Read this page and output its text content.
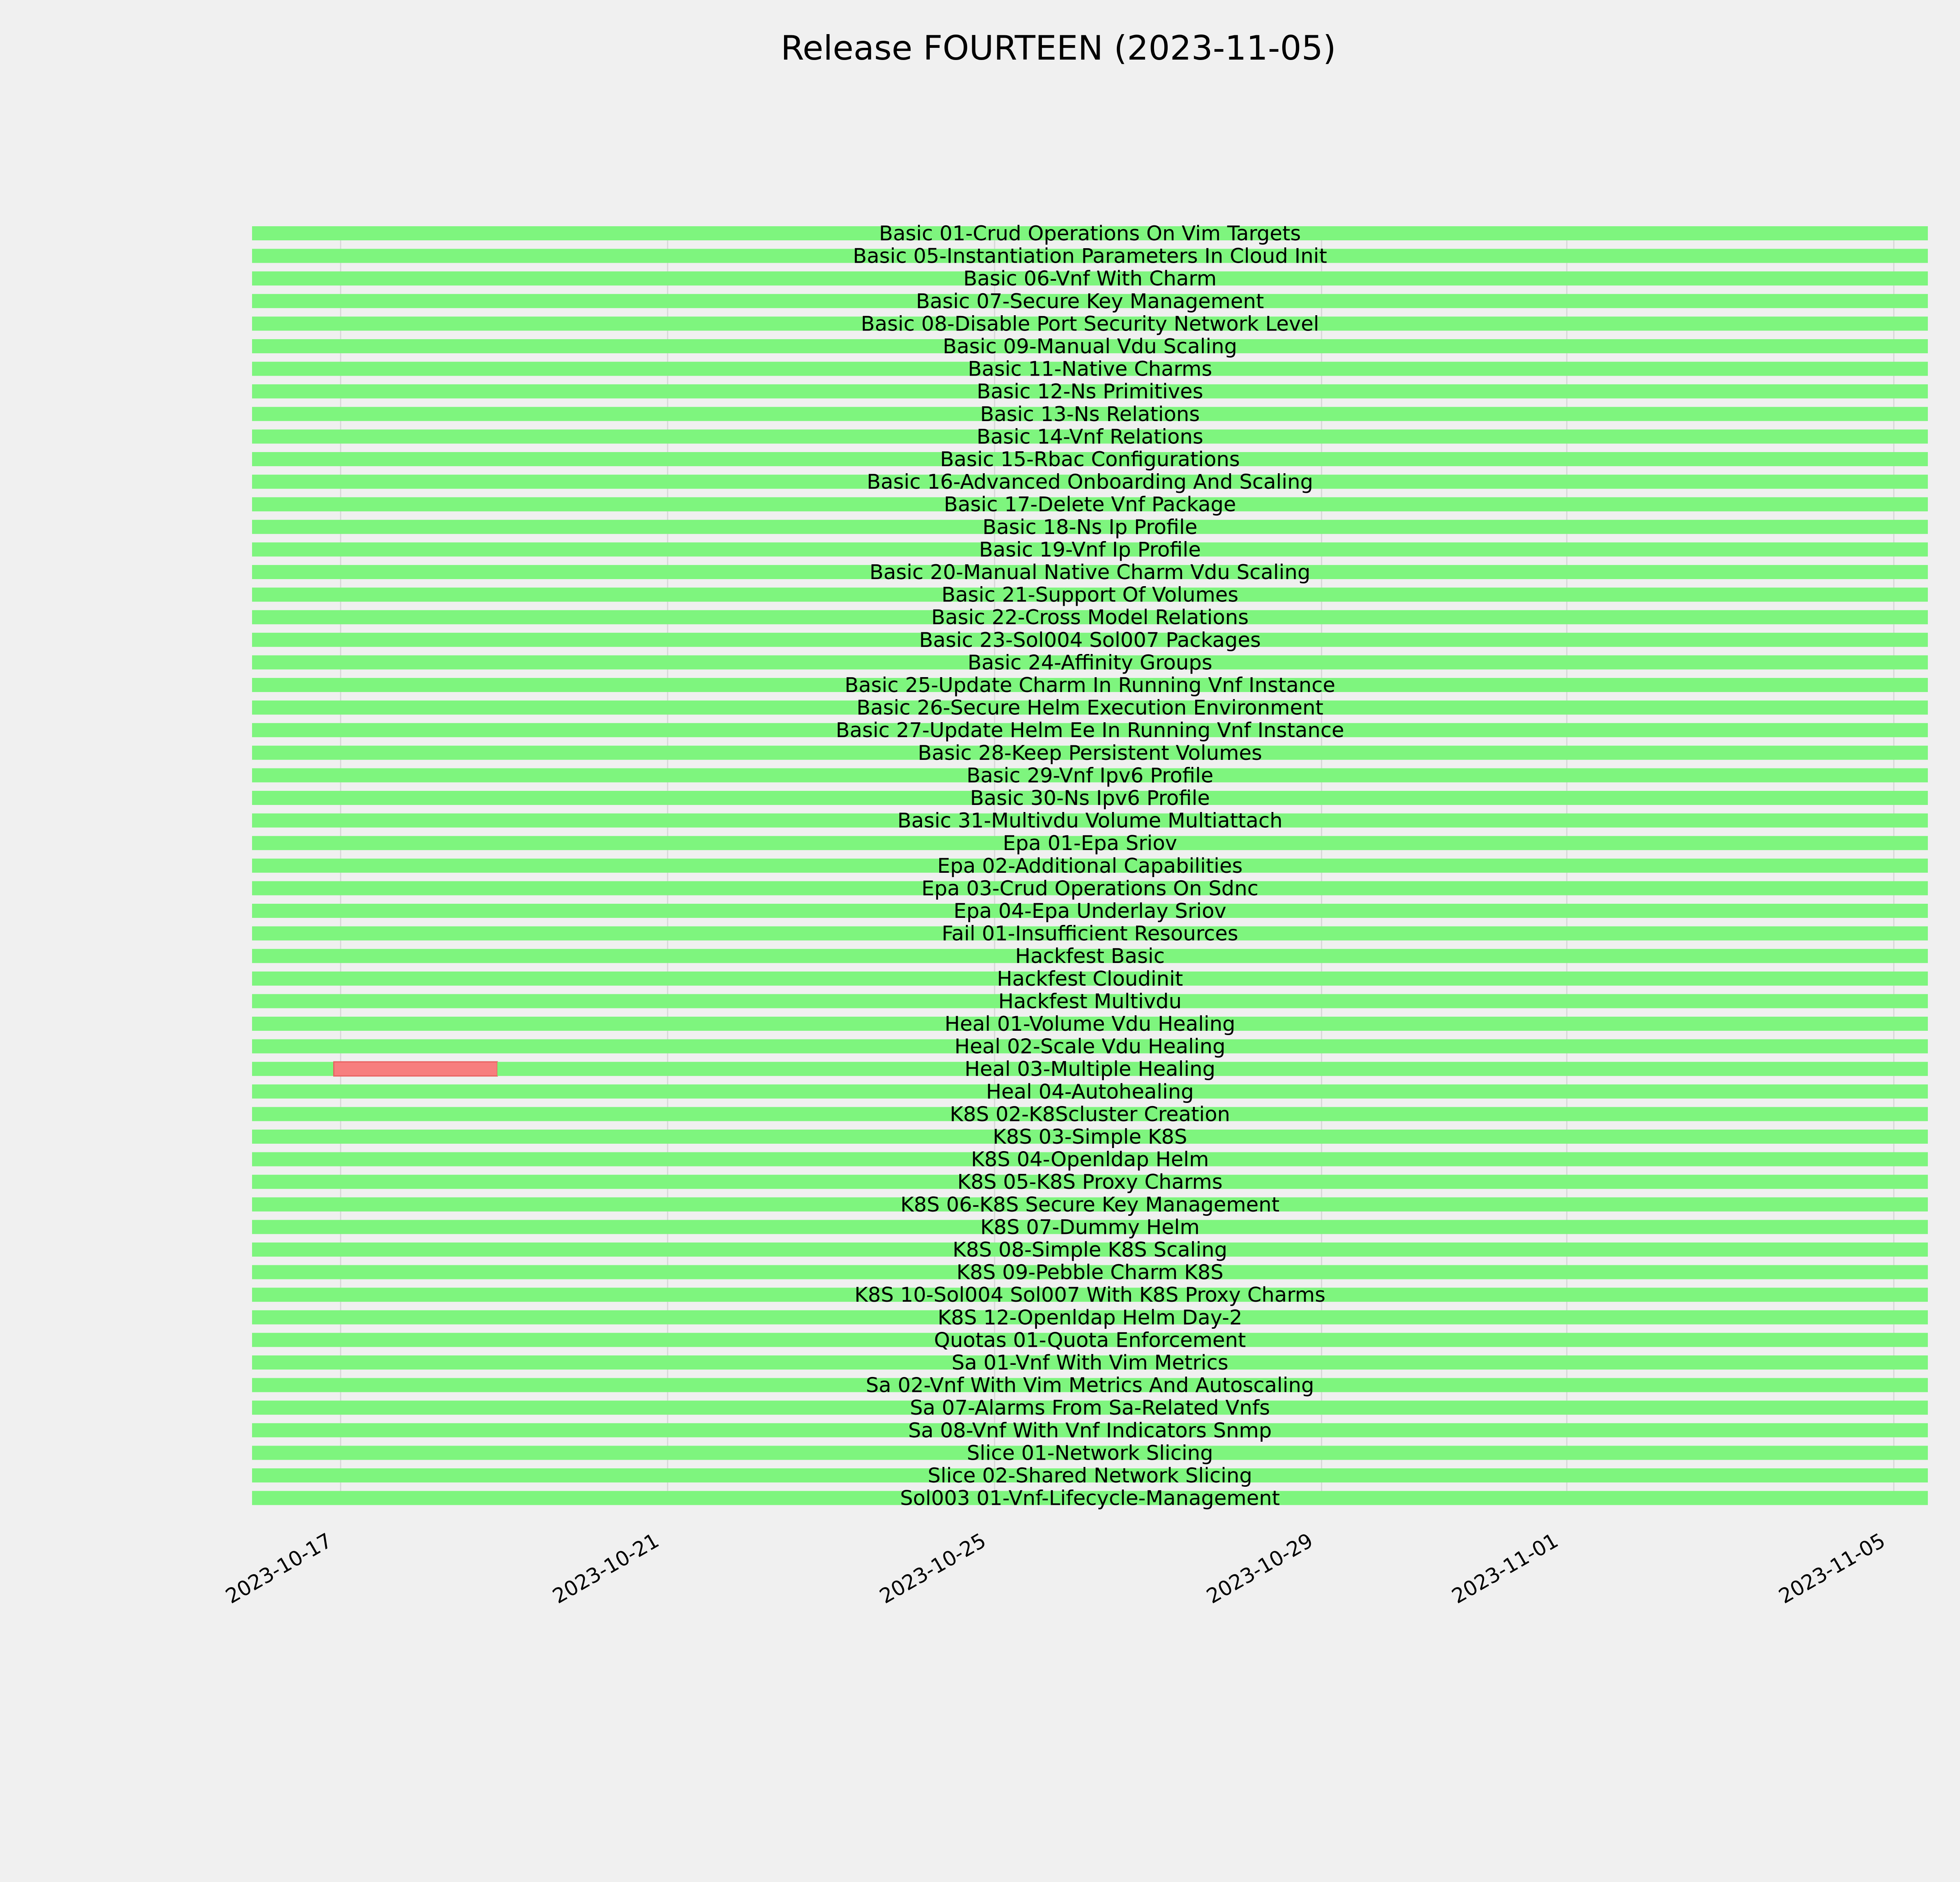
Release FOURTEEN (2023-11-05)
Basic 01-Crud Operations On Vim Targets
Basic 05-Instantiation Parameters In Cloud Init
Basic 06-Vnf With Charm
Basic 07-Secure Key Management
Basic 08-Disable Port Security Network Level
Basic 09-Manual Vdu Scaling
Basic 11-Native Charms
Basic 12-Ns Primitives
Basic 13-Ns Relations
Basic 14-Vnf Relations
Basic 15-Rbac Configurations
Basic 16-Advanced Onboarding And Scaling
Basic 17-Delete Vnf Package
Basic 18-Ns Ip Profile
Basic 19-Vnf Ip Profile
Basic 20-Manual Native Charm Vdu Scaling
Basic 21-Support Of Volumes
Basic 22-Cross Model Relations
Basic 23-Sol004 Sol007 Packages
Basic 24-Affinity Groups
Basic 25-Update Charm In Running Vnf Instance
Basic 26-Secure Helm Execution Environment
Basic 27-Update Helm Ee In Running Vnf Instance
Basic 28-Keep Persistent Volumes
Basic 29-Vnf Ipv6 Profile
Basic 30-Ns Ipv6 Profile
Basic 31-Multivdu Volume Multiattach
Epa 01-Epa Sriov
Epa 02-Additional Capabilities
Epa 03-Crud Operations On Sdnc
Epa 04-Epa Underlay Sriov
Fail 01-Insufficient Resources
Hackfest Basic
Hackfest Cloudinit
Hackfest Multivdu
Heal 01-Volume Vdu Healing
Heal 02-Scale Vdu Healing
Heal 03-Multiple Healing
Heal 04-Autohealing
K8S 02-K8Scluster Creation
K8S 03-Simple K8S
K8S 04-Openldap Helm
K8S 05-K8S Proxy Charms
K8S 06-K8S Secure Key Management
K8S 07-Dummy Helm
K8S 08-Simple K8S Scaling
K8S 09-Pebble Charm K8S
K8S 10-Sol004 Sol007 With K8S Proxy Charms
K8S 12-Openldap Helm Day-2
Quotas 01-Quota Enforcement
Sa 01-Vnf With Vim Metrics
Sa 02-Vnf With Vim Metrics And Autoscaling
Sa 07-Alarms From Sa-Related Vnfs
Sa 08-Vnf With Vnf Indicators Snmp
Slice 01-Network Slicing
Slice 02-Shared Network Slicing
Sol003 01-Vnf-Lifecycle-Management
2023-10-17	2023-10-21	2023-10-25	2023-10-29	2023-11-01	2023-11-05
